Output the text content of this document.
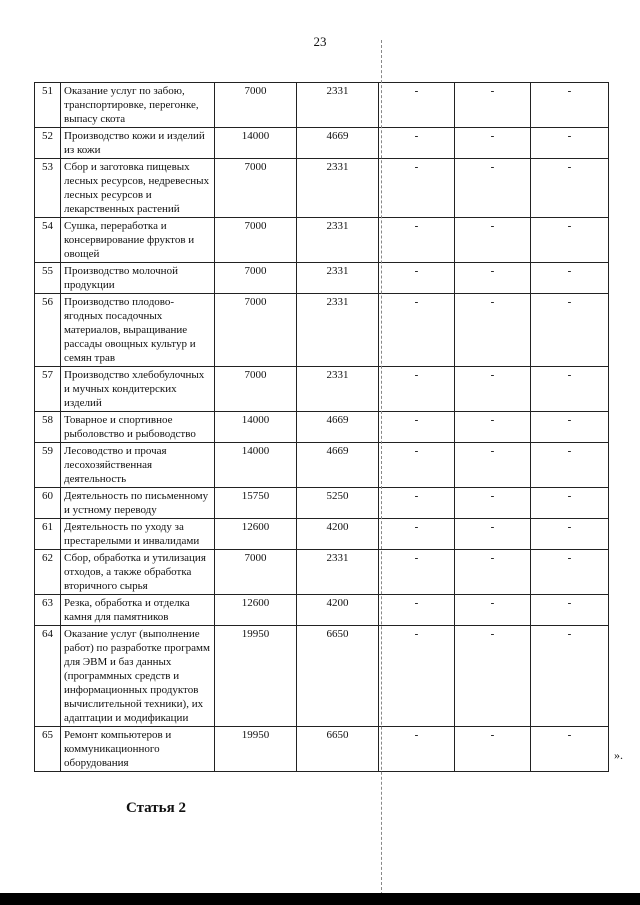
23
51	Оказание услуг по забою, транспортировке, перегонке, выпасу скота	7000	2331	-	-	-
52	Производство кожи и изделий из кожи	14000	4669	-	-	-
53	Сбор и заготовка пищевых лесных ресурсов, недревесных лесных ресурсов и лекарственных растений	7000	2331	-	-	-
54	Сушка, переработка и консервирование фруктов и овощей	7000	2331	-	-	-
55	Производство молочной продукции	7000	2331	-	-	-
56	Производство плодово-ягодных посадочных материалов, выращивание рассады овощных культур и семян трав	7000	2331	-	-	-
57	Производство хлебобулочных и мучных кондитерских изделий	7000	2331	-	-	-
58	Товарное и спортивное рыболовство и рыбоводство	14000	4669	-	-	-
59	Лесоводство и прочая лесохозяйственная деятельность	14000	4669	-	-	-
60	Деятельность по письменному и устному переводу	15750	5250	-	-	-
61	Деятельность по уходу за престарелыми и инвалидами	12600	4200	-	-	-
62	Сбор, обработка и утилизация отходов, а также обработка вторичного сырья	7000	2331	-	-	-
63	Резка, обработка и отделка камня для памятников	12600	4200	-	-	-
64	Оказание услуг (выполнение работ) по разработке программ для ЭВМ и баз данных (программных средств и информационных продуктов вычислительной техники), их адаптации и модификации	19950	6650	-	-	-
65	Ремонт компьютеров и коммуникационного оборудования	19950	6650	-	-	-
».
Статья 2
